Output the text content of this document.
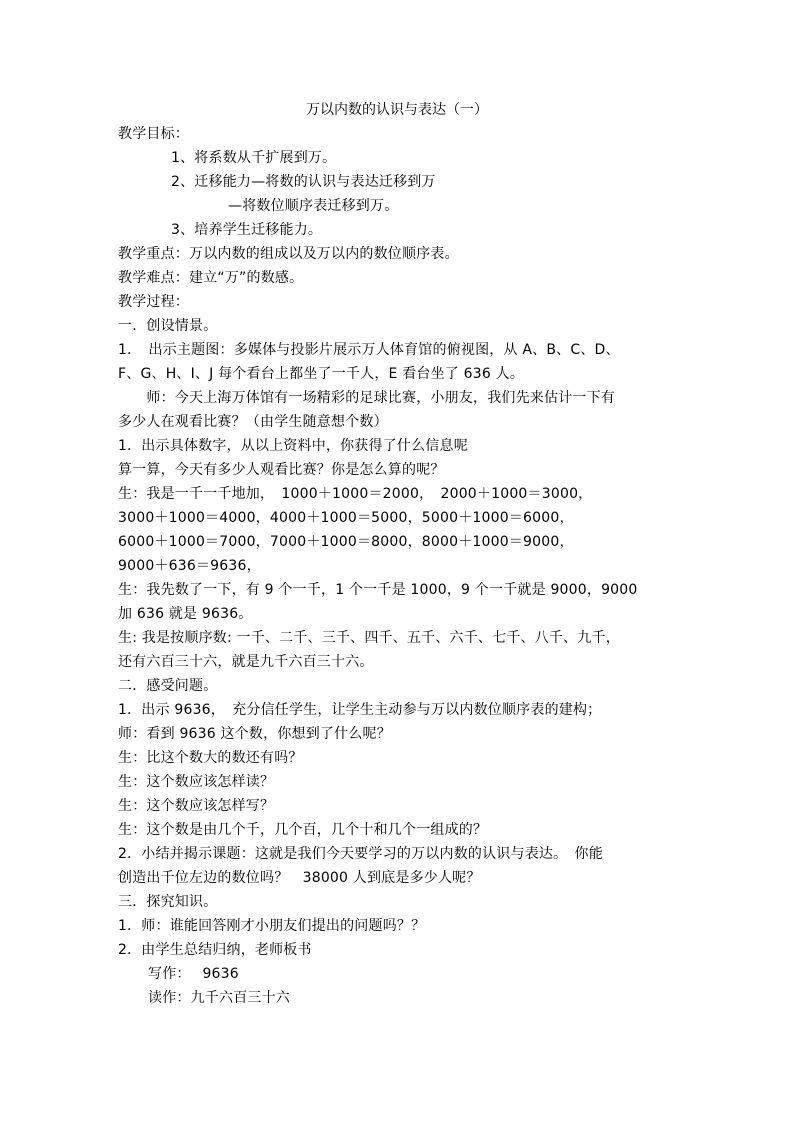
万以内数的认识与表达（一）
教学目标：
1、将系数从千扩展到万。
2、迁移能力—将数的认识与表达迁移到万
—将数位顺序表迁移到万。
3、培养学生迁移能力。
教学重点：万以内数的组成以及万以内的数位顺序表。
教学难点：建立“万”的数感。
教学过程：
一．创设情景。
1．　出示主题图：多媒体与投影片展示万人体育馆的俯视图，从 A、B、C、D、
F、G、H、I、J 每个看台上都坐了一千人，E 看台坐了 636 人。
　　师：今天上海万体馆有一场精彩的足球比赛，小朋友，我们先来估计一下有
多少人在观看比赛？（由学生随意想个数）
1．出示具体数字，从以上资料中，你获得了什么信息呢
算一算，今天有多少人观看比赛？你是怎么算的呢？
生：我是一千一千地加，　1000＋1000＝2000，　2000＋1000＝3000，
3000＋1000＝4000，4000＋1000＝5000，5000＋1000＝6000，
6000＋1000＝7000，7000＋1000＝8000，8000＋1000＝9000，
9000＋636＝9636，
生：我先数了一下，有 9 个一千，1 个一千是 1000，9 个一千就是 9000，9000
加 636 就是 9636。
生: 我是按顺序数: 一千、二千、三千、四千、五千、六千、七千、八千、九千，
还有六百三十六，就是九千六百三十六。
二．感受问题。
1．出示 9636，　充分信任学生，让学生主动参与万以内数位顺序表的建构；
师：看到 9636 这个数，你想到了什么呢？
生：比这个数大的数还有吗？
生：这个数应该怎样读？
生：这个数应该怎样写？
生：这个数是由几个千，几个百，几个十和几个一组成的？
2．小结并揭示课题：这就是我们今天要学习的万以内数的认识与表达。　你能
创造出千位左边的数位吗？　38000 人到底是多少人呢？
三．探究知识。
1．师：谁能回答刚才小朋友们提出的问题吗？？
2．由学生总结归纳，老师板书
写作：　 9636
读作：九千六百三十六
